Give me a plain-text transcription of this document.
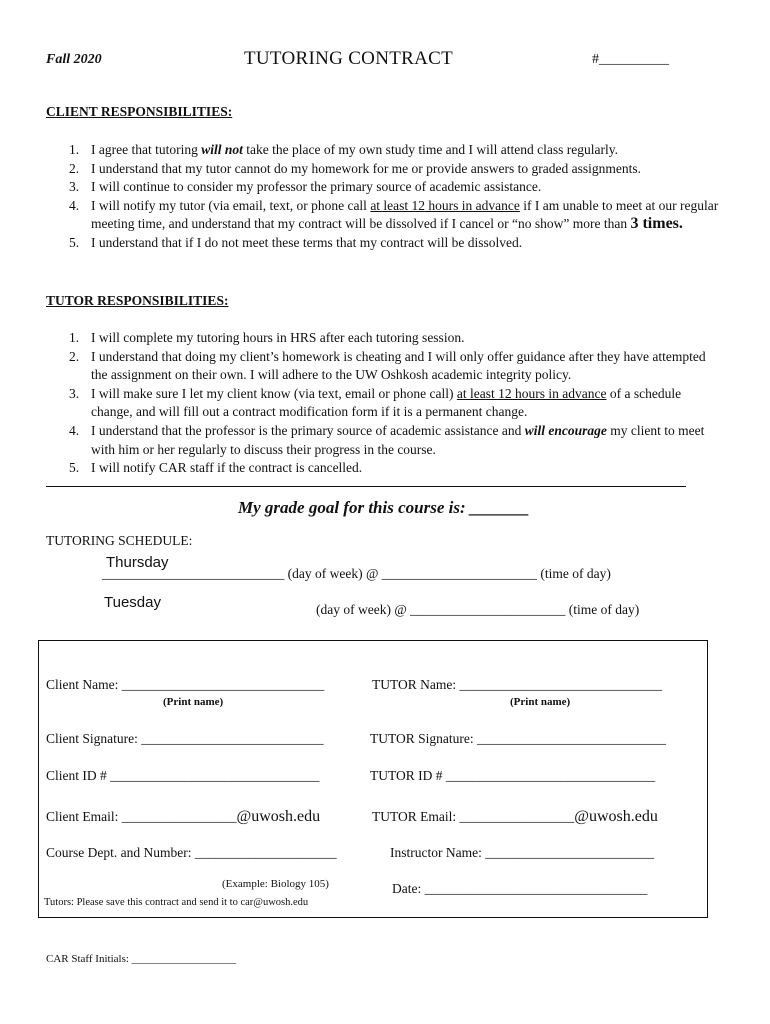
Fall 2020	TUTORING CONTRACT	#__________
CLIENT RESPONSIBILITIES:
1. I agree that tutoring will not take the place of my own study time and I will attend class regularly.
2. I understand that my tutor cannot do my homework for me or provide answers to graded assignments.
3. I will continue to consider my professor the primary source of academic assistance.
4. I will notify my tutor (via email, text, or phone call at least 12 hours in advance if I am unable to meet at our regular meeting time, and understand that my contract will be dissolved if I cancel or “no show” more than 3 times.
5. I understand that if I do not meet these terms that my contract will be dissolved.
TUTOR RESPONSIBILITIES:
1. I will complete my tutoring hours in HRS after each tutoring session.
2. I understand that doing my client’s homework is cheating and I will only offer guidance after they have attempted the assignment on their own. I will adhere to the UW Oshkosh academic integrity policy.
3. I will make sure I let my client know (via text, email or phone call) at least 12 hours in advance of a schedule change, and will fill out a contract modification form if it is a permanent change.
4. I understand that the professor is the primary source of academic assistance and will encourage my client to meet with him or her regularly to discuss their progress in the course.
5. I will notify CAR staff if the contract is cancelled.
My grade goal for this course is: _______
TUTORING SCHEDULE:
Thursday
___________________________ (day of week) @ _______________________ (time of day)
Tuesday	(day of week) @ _______________________ (time of day)
Client Name: ______________________________	TUTOR Name: ______________________________
(Print name)	(Print name)
Client Signature: ___________________________	TUTOR Signature: ____________________________
Client ID # _______________________________	TUTOR ID # _______________________________
Client Email: _________________@uwosh.edu	TUTOR Email: _________________@uwosh.edu
Course Dept. and Number: _____________________	Instructor Name: _________________________
(Example: Biology 105)	Date: _________________________________
Tutors: Please save this contract and send it to car@uwosh.edu
CAR Staff Initials: ___________________
